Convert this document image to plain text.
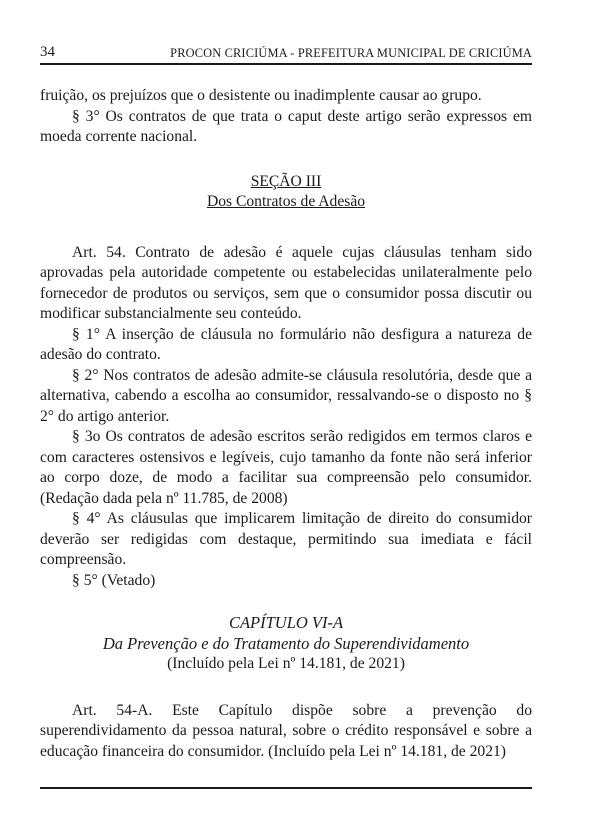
34	PROCON CRICIÚMA - PREFEITURA MUNICIPAL DE CRICIÚMA

fruição, os prejuízos que o desistente ou inadimplente causar ao grupo.

§ 3° Os contratos de que trata o caput deste artigo serão expressos em moeda corrente nacional.

SEÇÃO III

Dos Contratos de Adesão

Art. 54. Contrato de adesão é aquele cujas cláusulas tenham sido aprovadas pela autoridade competente ou estabelecidas unilateralmente pelo fornecedor de produtos ou serviços, sem que o consumidor possa discutir ou modificar substancialmente seu conteúdo.

§ 1° A inserção de cláusula no formulário não desfigura a natureza de adesão do contrato.

§ 2° Nos contratos de adesão admite-se cláusula resolutória, desde que a alternativa, cabendo a escolha ao consumidor, ressalvando-se o disposto no § 2° do artigo anterior.

§ 3o Os contratos de adesão escritos serão redigidos em termos claros e com caracteres ostensivos e legíveis, cujo tamanho da fonte não será inferior ao corpo doze, de modo a facilitar sua compreensão pelo consumidor. (Redação dada pela nº 11.785, de 2008)

§ 4° As cláusulas que implicarem limitação de direito do consumidor deverão ser redigidas com destaque, permitindo sua imediata e fácil compreensão.

§ 5° (Vetado)

CAPÍTULO VI-A

Da Prevenção e do Tratamento do Superendividamento

(Incluído pela Lei nº 14.181, de 2021)

Art. 54-A. Este Capítulo dispõe sobre a prevenção do superendividamento da pessoa natural, sobre o crédito responsável e sobre a educação financeira do consumidor. (Incluído pela Lei nº 14.181, de 2021)
